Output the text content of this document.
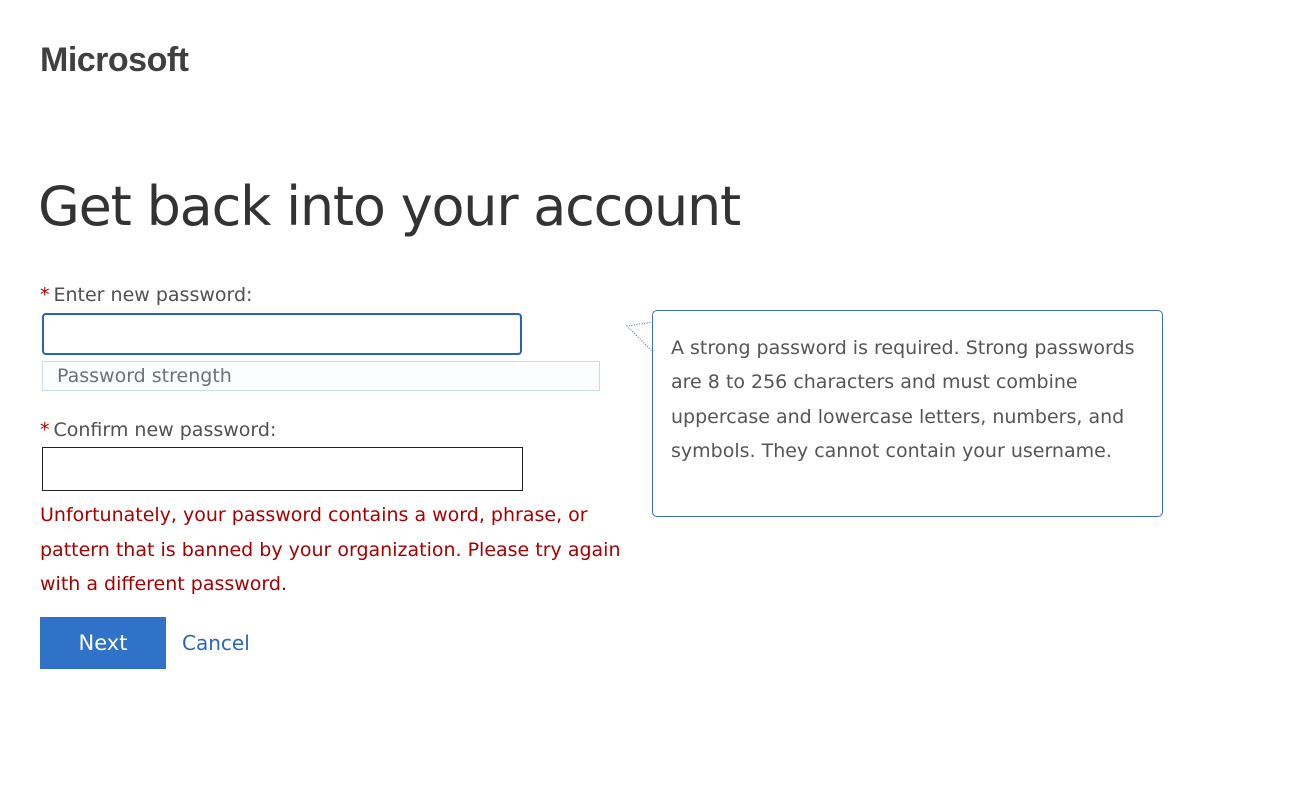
Microsoft
Get back into your account
* Enter new password:
Password strength
* Confirm new password:

Unfortunately, your password contains a word, phrase, or pattern that is banned by your organization. Please try again with a different password.

Next	Cancel

A strong password is required. Strong passwords are 8 to 256 characters and must combine uppercase and lowercase letters, numbers, and symbols. They cannot contain your username.
